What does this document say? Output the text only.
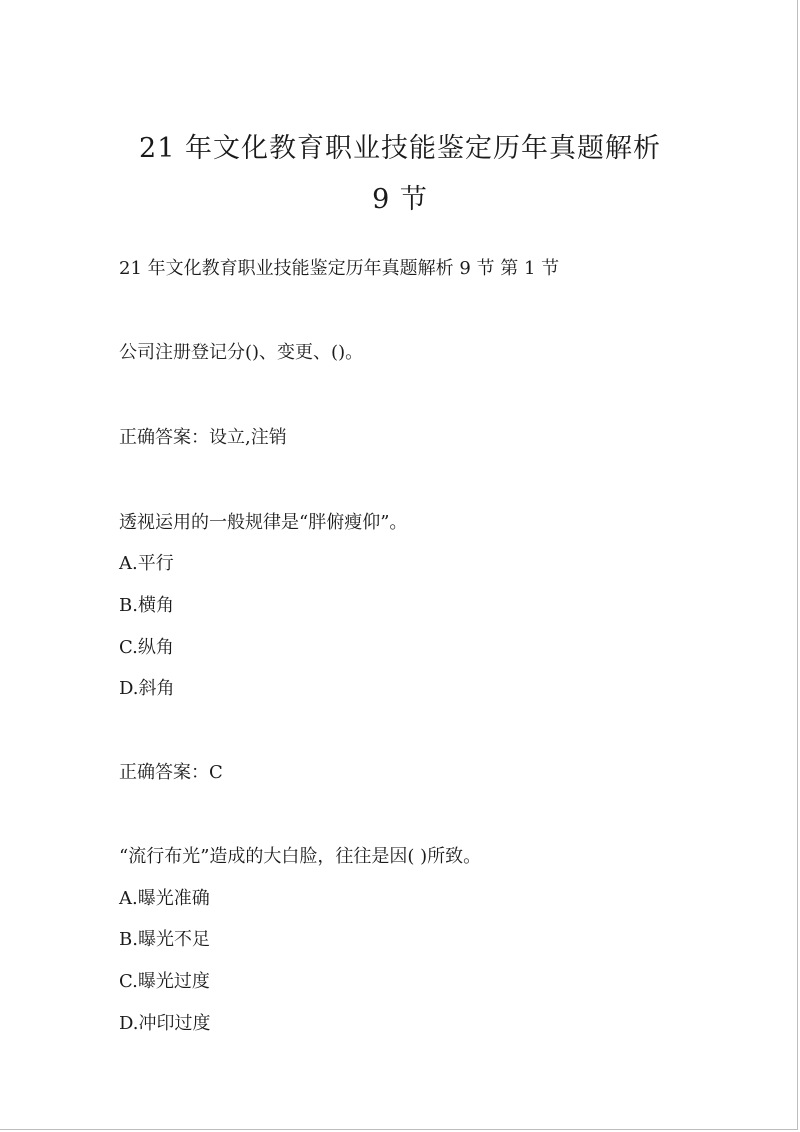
21 年文化教育职业技能鉴定历年真题解析
9 节

21 年文化教育职业技能鉴定历年真题解析 9 节 第 1 节

公司注册登记分()、变更、()。

正确答案：设立,注销

透视运用的一般规律是“胖俯瘦仰”。

A.平行

B.横角

C.纵角

D.斜角

正确答案：C

“流行布光”造成的大白脸，往往是因( )所致。

A.曝光准确

B.曝光不足

C.曝光过度

D.冲印过度
